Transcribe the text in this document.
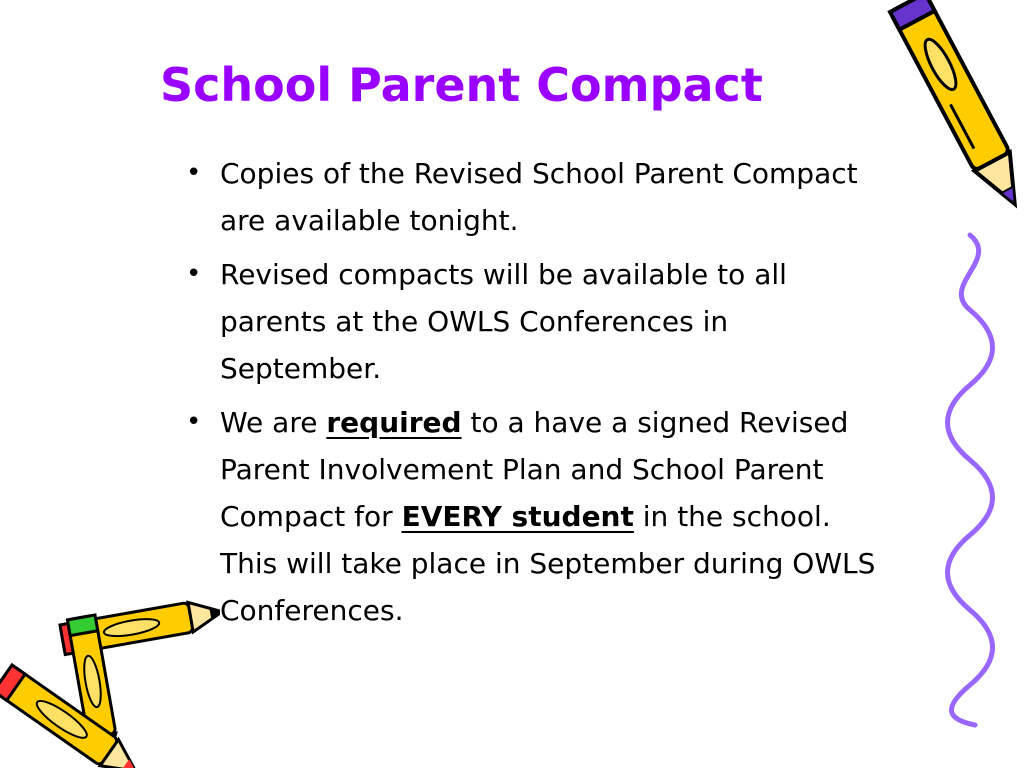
School Parent Compact
• Copies of the Revised School Parent Compact are available tonight.
• Revised compacts will be available to all parents at the OWLS Conferences in September.
• We are required to a have a signed Revised Parent Involvement Plan and School Parent Compact for EVERY student in the school. This will take place in September during OWLS Conferences.
